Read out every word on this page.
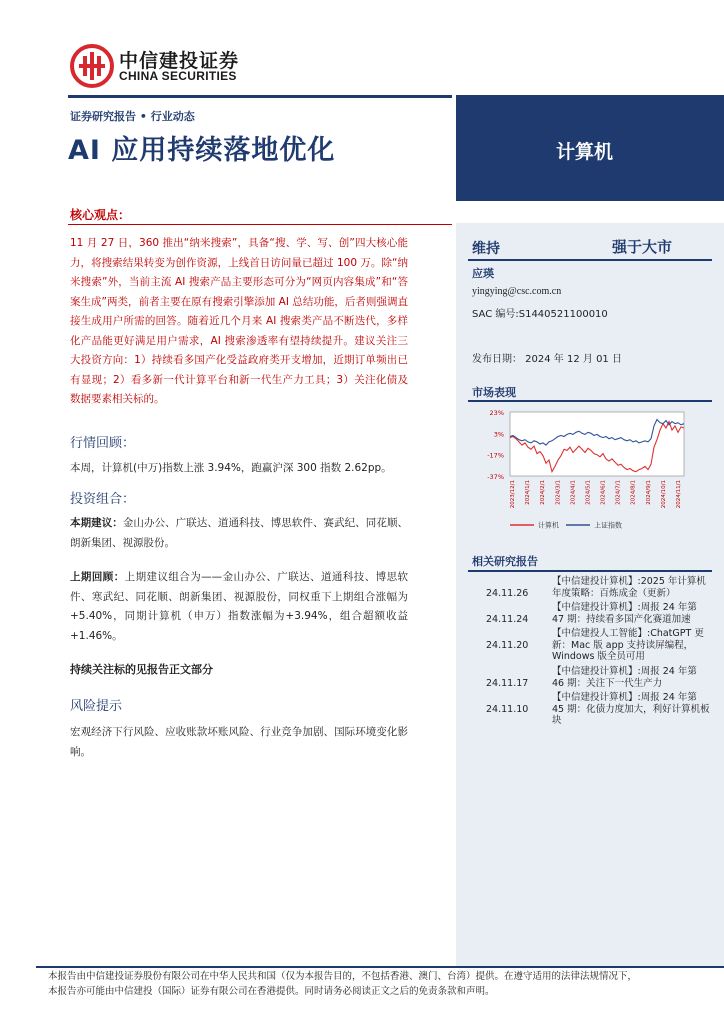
中信建投证券
CHINA SECURITIES
证券研究报告 • 行业动态
AI 应用持续落地优化	计算机
维持	强于大市
应瑛
yingying@csc.com.cn
SAC 编号:S1440521100010
发布日期： 2024 年 12 月 01 日
市场表现
23%
3%
-17%
-37%
2023/12/1 2024/1/1 2024/2/1 2024/3/1 2024/4/1 2024/5/1 2024/6/1 2024/7/1 2024/8/1 2024/9/1 2024/10/1 2024/11/1
计算机	上证指数
相关研究报告
24.11.26
【中信建投计算机】:2025 年计算机年度策略：百炼成金（更新）
24.11.24
【中信建投计算机】:周报 24 年第 47 期：持续看多国产化赛道加速
24.11.20
【中信建投人工智能】:ChatGPT 更新：Mac 版 app 支持读屏编程，Windows 版全员可用
24.11.17
【中信建投计算机】:周报 24 年第 46 期：关注下一代生产力
24.11.10
【中信建投计算机】:周报 24 年第 45 期：化债力度加大，利好计算机板块
核心观点：
11 月 27 日，360 推出“纳米搜索”，具备“搜、学、写、创”四大核心能力，将搜索结果转变为创作资源，上线首日访问量已超过 100 万。除“纳米搜索”外，当前主流 AI 搜索产品主要形态可分为“网页内容集成”和“答案生成”两类，前者主要在原有搜索引擎添加 AI 总结功能，后者则强调直接生成用户所需的回答。随着近几个月来 AI 搜索类产品不断迭代，多样化产品能更好满足用户需求，AI 搜索渗透率有望持续提升。建议关注三大投资方向：1）持续看多国产化受益政府类开支增加，近期订单频出已有显现；2）看多新一代计算平台和新一代生产力工具；3）关注化债及数据要素相关标的。
行情回顾：
本周，计算机(中万)指数上涨 3.94%，跑赢沪深 300 指数 2.62pp。
投资组合：
本期建议：金山办公、广联达、道通科技、博思软件、赛武纪、同花顺、朗新集团、视源股份。
上期回顾：上期建议组合为——金山办公、广联达、道通科技、博思软件、寒武纪、同花顺、朗新集团、视源股份，同权重下上期组合涨幅为+5.40%，同期计算机（申万）指数涨幅为+3.94%，组合超额收益+1.46%。
持续关注标的见报告正文部分
风险提示
宏观经济下行风险、应收账款坏账风险、行业竞争加剧、国际环境变化影响。
本报告由中信建投证券股份有限公司在中华人民共和国（仅为本报告目的，不包括香港、澳门、台湾）提供。在遵守适用的法律法规情况下，
本报告亦可能由中信建投（国际）证券有限公司在香港提供。同时请务必阅读正文之后的免责条款和声明。
